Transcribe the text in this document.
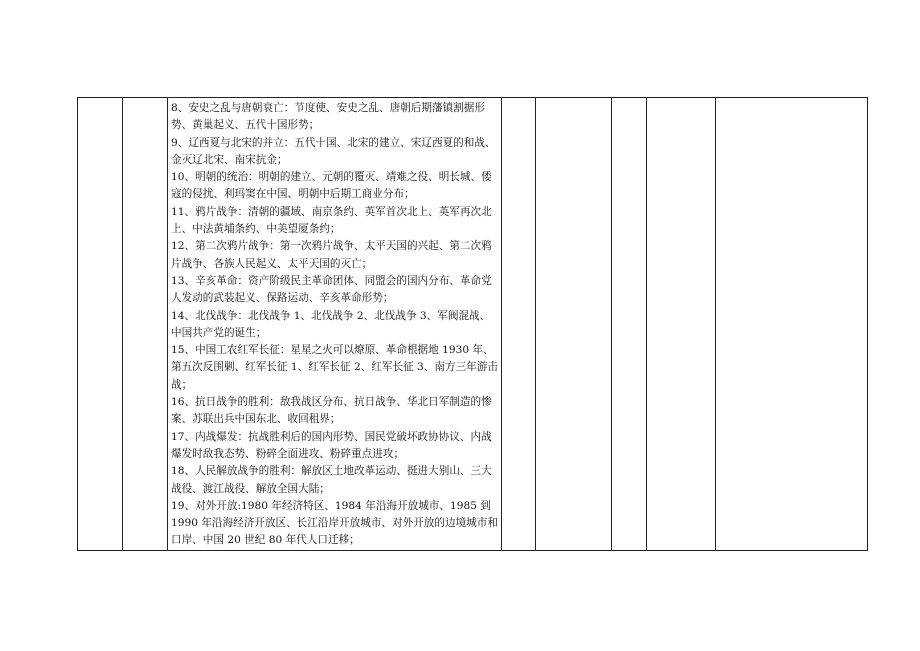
8、安史之乱与唐朝衰亡：节度使、安史之乱、唐朝后期藩镇割据形势、黄巢起义、五代十国形势；

9、辽西夏与北宋的并立：五代十国、北宋的建立、宋辽西夏的和战、金灭辽北宋、南宋抗金；

10、明朝的统治：明朝的建立、元朝的覆灭、靖难之役、明长城、倭寇的侵扰、利玛窦在中国、明朝中后期工商业分布；

11、鸦片战争：清朝的疆域、南京条约、英军首次北上、英军再次北上、中法黄埔条约、中美望厦条约；

12、第二次鸦片战争：第一次鸦片战争、太平天国的兴起、第二次鸦片战争、各族人民起义、太平天国的灭亡；

13、辛亥革命：资产阶级民主革命团体、同盟会的国内分布、革命党人发动的武装起义、保路运动、辛亥革命形势；

14、北伐战争：北伐战争 1、北伐战争 2、北伐战争 3、军阀混战、中国共产党的诞生；

15、中国工农红军长征：星星之火可以燎原、革命根据地 1930 年、第五次反围剿、红军长征 1、红军长征 2、红军长征 3、南方三年游击战；

16、抗日战争的胜利：敌我战区分布、抗日战争、华北日军制造的惨案、苏联出兵中国东北、收回租界；

17、内战爆发：抗战胜利后的国内形势、国民党破坏政协协议、内战爆发时敌我态势、粉碎全面进攻、粉碎重点进攻；

18、人民解放战争的胜利：解放区土地改革运动、挺进大别山、三大战役、渡江战役、解放全国大陆；

19、对外开放:1980 年经济特区、1984 年沿海开放城市、1985 到 1990 年沿海经济开放区、长江沿岸开放城市、对外开放的边境城市和口岸、中国 20 世纪 80 年代人口迁移；
